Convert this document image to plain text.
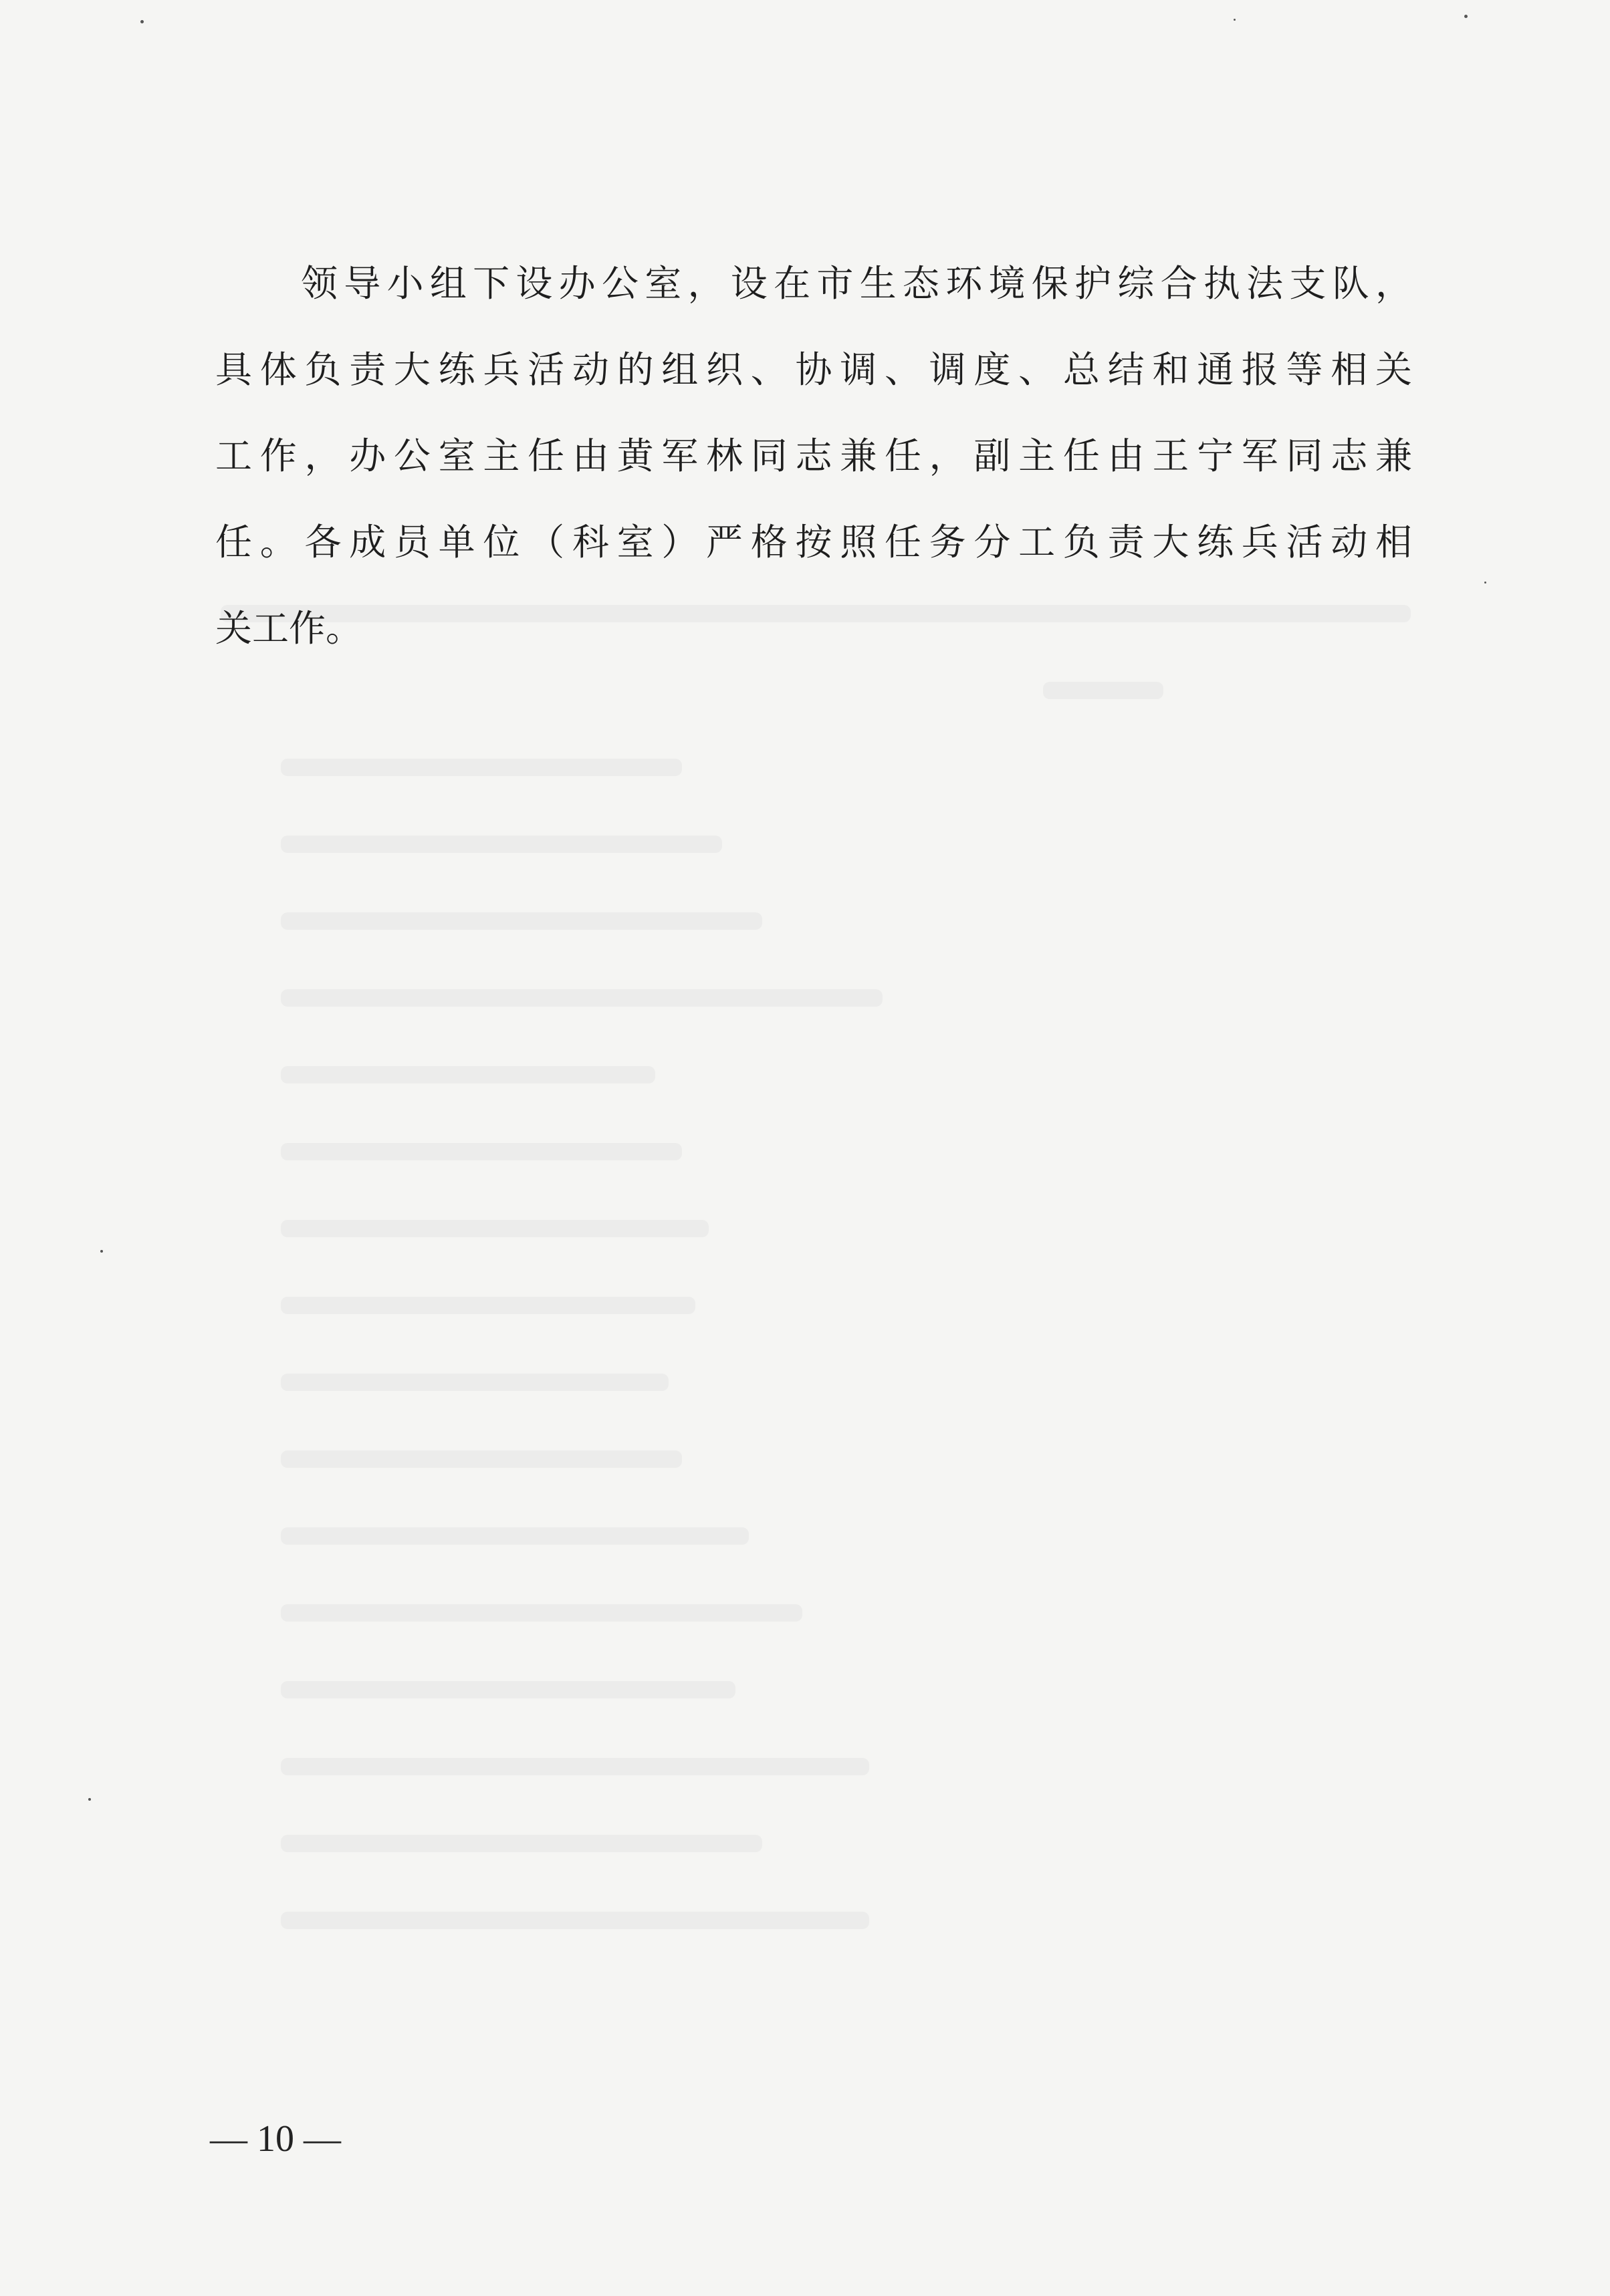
领导小组下设办公室，设在市生态环境保护综合执法支队，
具体负责大练兵活动的组织、协调、调度、总结和通报等相关
工作，办公室主任由黄军林同志兼任，副主任由王宁军同志兼
任。各成员单位（科室）严格按照任务分工负责大练兵活动相
关工作。

— 10 —
